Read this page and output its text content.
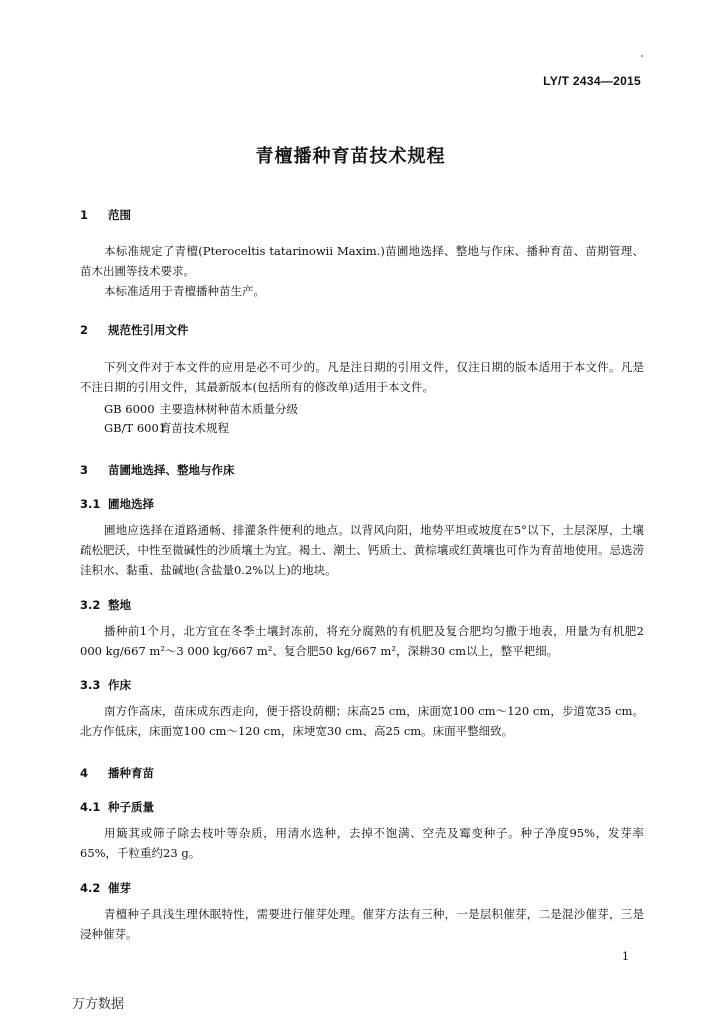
LY/T 2434—2015
青檀播种育苗技术规程
1 范围
本标准规定了青檀(Pteroceltis tatarinowii Maxim.)苗圃地选择、整地与作床、播种育苗、苗期管理、苗木出圃等技术要求。
本标准适用于青檀播种苗生产。
2 规范性引用文件
下列文件对于本文件的应用是必不可少的。凡是注日期的引用文件，仅注日期的版本适用于本文件。凡是不注日期的引用文件，其最新版本(包括所有的修改单)适用于本文件。
GB 6000 主要造林树种苗木质量分级
GB/T 6001育苗技术规程
3 苗圃地选择、整地与作床
3.1 圃地选择
圃地应选择在道路通畅、排灌条件便利的地点。以背风向阳，地势平坦或坡度在5°以下，土层深厚，土壤疏松肥沃，中性至微碱性的沙质壤土为宜。褐土、潮土、钙质土、黄棕壤或红黄壤也可作为育苗地使用。忌选涝洼积水、黏重、盐碱地(含盐量0.2%以上)的地块。
3.2 整地
播种前1个月，北方宜在冬季土壤封冻前，将充分腐熟的有机肥及复合肥均匀撒于地表，用量为有机肥2 000 kg/667 m²～3 000 kg/667 m²、复合肥50 kg/667 m²，深耕30 cm以上，整平耙细。
3.3 作床
南方作高床，苗床成东西走向，便于搭设荫棚；床高25 cm，床面宽100 cm～120 cm，步道宽35 cm。北方作低床，床面宽100 cm～120 cm，床埂宽30 cm、高25 cm。床面平整细致。
4 播种育苗
4.1 种子质量
用簸萁或筛子除去枝叶等杂质，用清水选种，去掉不饱满、空壳及霉变种子。种子净度95%，发芽率65%，千粒重约23 g。
4.2 催芽
青檀种子具浅生理休眠特性，需要进行催芽处理。催芽方法有三种，一是层积催芽，二是混沙催芽，三是浸种催芽。
1
万方数据
